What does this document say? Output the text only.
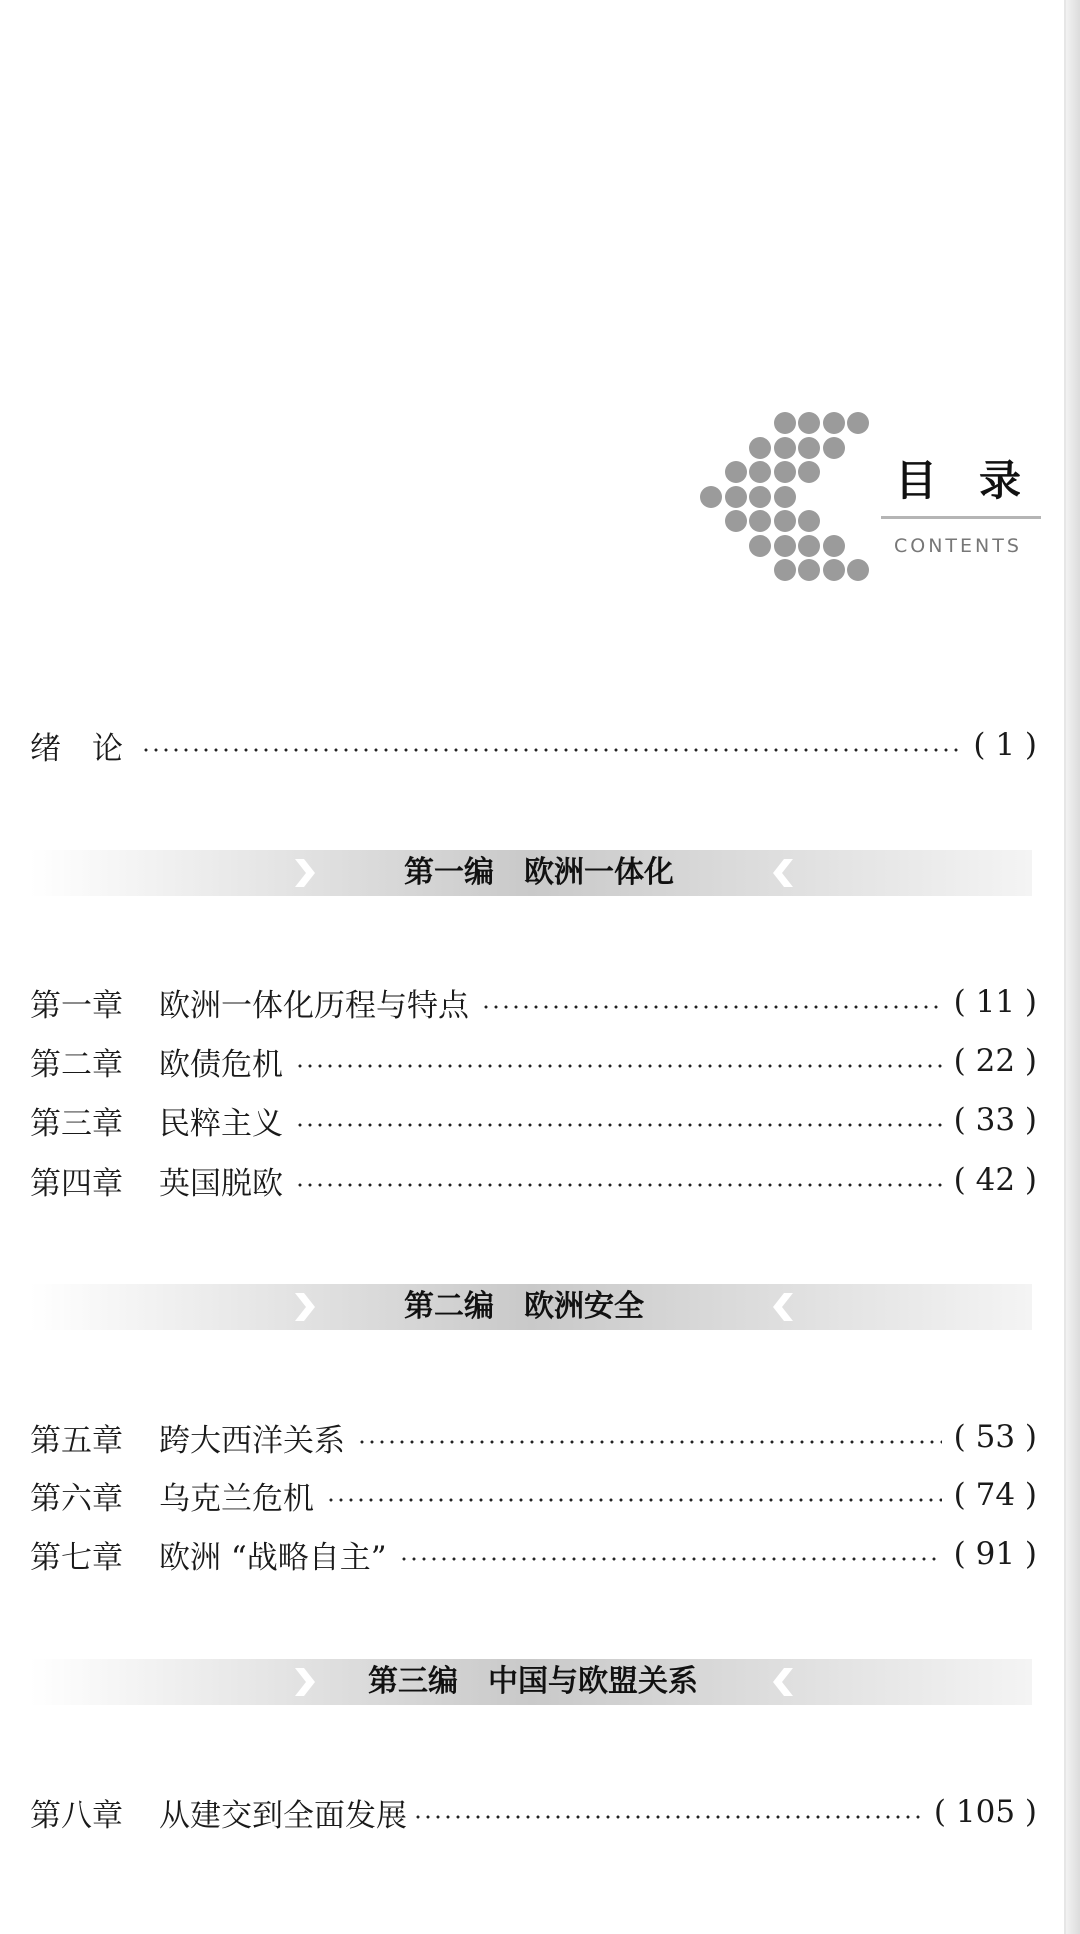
目　录
CONTENTS
绪　论	( 1 )
第一编　欧洲一体化
第一章 欧洲一体化历程与特点	( 11 )
第二章 欧债危机	( 22 )
第三章 民粹主义	( 33 )
第四章 英国脱欧	( 42 )
第二编　欧洲安全
第五章 跨大西洋关系	( 53 )
第六章 乌克兰危机	( 74 )
第七章 欧洲 “战略自主”	( 91 )
第三编　中国与欧盟关系
第八章 从建交到全面发展	( 105 )
